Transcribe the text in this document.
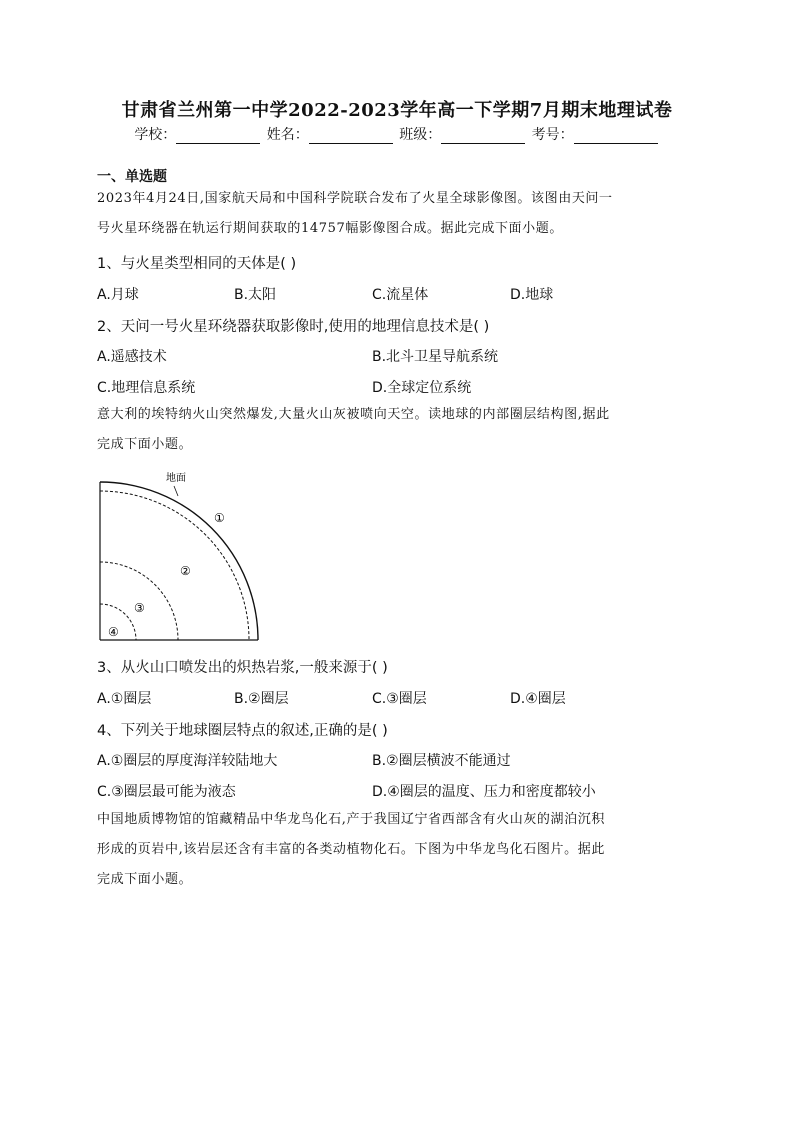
甘肃省兰州第一中学2022-2023学年高一下学期7月期末地理试卷
学校：	姓名：	班级：	考号：
一、单选题
2023年4月24日,国家航天局和中国科学院联合发布了火星全球影像图。该图由天问一
号火星环绕器在轨运行期间获取的14757幅影像图合成。据此完成下面小题。
1、与火星类型相同的天体是( )
A.月球	B.太阳	C.流星体	D.地球
2、天问一号火星环绕器获取影像时,使用的地理信息技术是( )
A.遥感技术	B.北斗卫星导航系统
C.地理信息系统	D.全球定位系统
意大利的埃特纳火山突然爆发,大量火山灰被喷向天空。读地球的内部圈层结构图,据此
完成下面小题。
地面
①
②
③
④
3、从火山口喷发出的炽热岩浆,一般来源于( )
A.①圈层	B.②圈层	C.③圈层	D.④圈层
4、下列关于地球圈层特点的叙述,正确的是( )
A.①圈层的厚度海洋较陆地大	B.②圈层横波不能通过
C.③圈层最可能为液态	D.④圈层的温度、压力和密度都较小
中国地质博物馆的馆藏精品中华龙鸟化石,产于我国辽宁省西部含有火山灰的湖泊沉积
形成的页岩中,该岩层还含有丰富的各类动植物化石。下图为中华龙鸟化石图片。据此
完成下面小题。
